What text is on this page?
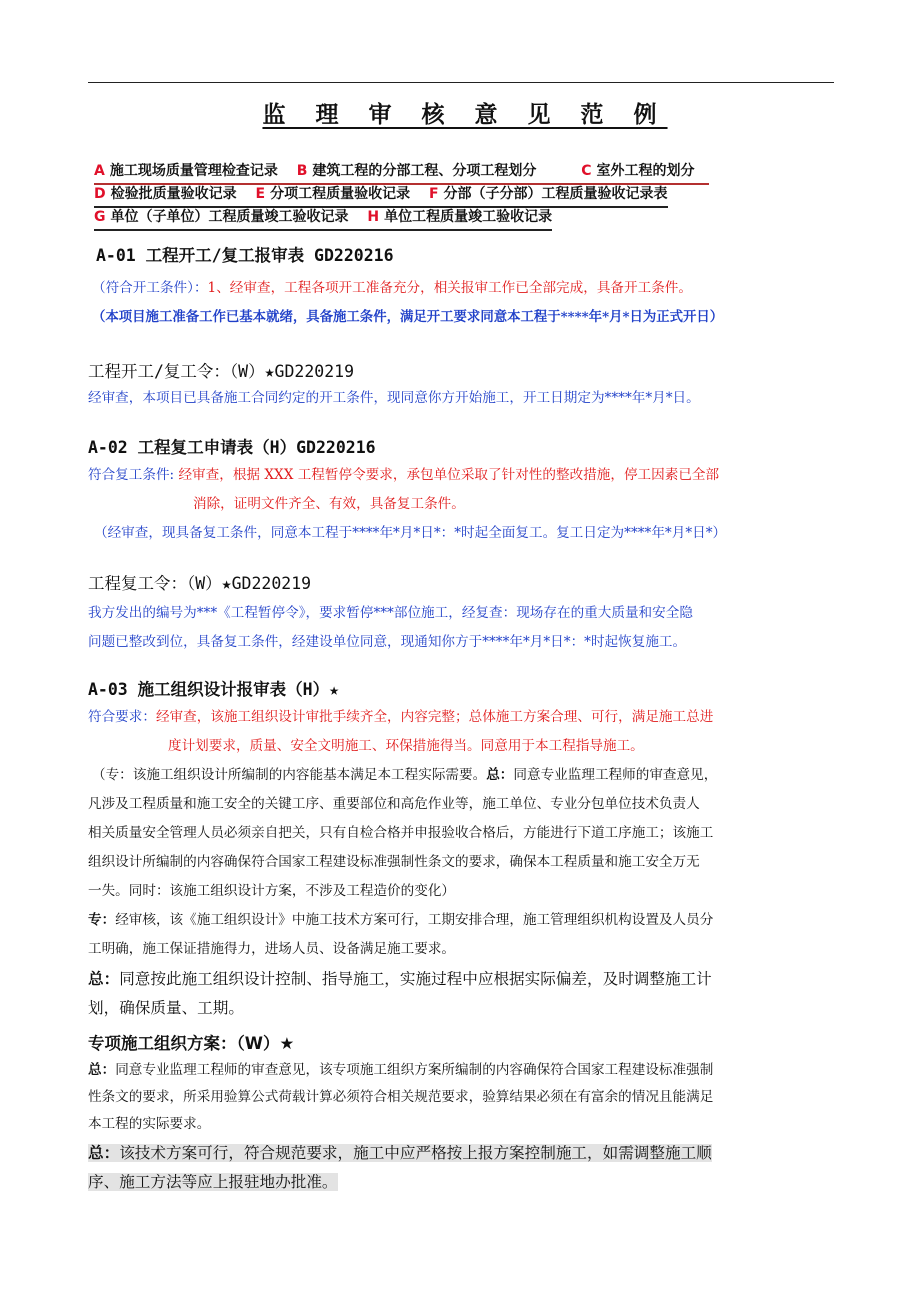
监 理 审 核 意 见 范 例
A 施工现场质量管理检查记录 B 建筑工程的分部工程、分项工程划分	C 室外工程的划分
D 检验批质量验收记录 E 分项工程质量验收记录 F 分部（子分部）工程质量验收记录表
G 单位（子单位）工程质量竣工验收记录 H 单位工程质量竣工验收记录
A-01 工程开工/复工报审表 GD220216
（符合开工条件）：1、经审查，工程各项开工准备充分，相关报审工作已全部完成，具备开工条件。
（本项目施工准备工作已基本就绪，具备施工条件，满足开工要求同意本工程于****年*月*日为正式开日）
工程开工/复工令：（W）★GD220219
经审查，本项目已具备施工合同约定的开工条件，现同意你方开始施工，开工日期定为****年*月*日。
A-02 工程复工申请表（H）GD220216
符合复工条件: 经审查，根据 XXX 工程暂停令要求，承包单位采取了针对性的整改措施，停工因素已全部
消除，证明文件齐全、有效，具备复工条件。
（经审查，现具备复工条件，同意本工程于****年*月*日*：*时起全面复工。复工日定为****年*月*日*）
工程复工令：（W）★GD220219
我方发出的编号为***《工程暂停令》，要求暂停***部位施工，经复查：现场存在的重大质量和安全隐
问题已整改到位，具备复工条件，经建设单位同意，现通知你方于****年*月*日*：*时起恢复施工。
A-03 施工组织设计报审表（H）★
符合要求：经审查，该施工组织设计审批手续齐全，内容完整；总体施工方案合理、可行，满足施工总进
度计划要求，质量、安全文明施工、环保措施得当。同意用于本工程指导施工。
（专：该施工组织设计所编制的内容能基本满足本工程实际需要。总：同意专业监理工程师的审查意见，
凡涉及工程质量和施工安全的关键工序、重要部位和高危作业等，施工单位、专业分包单位技术负责人
相关质量安全管理人员必须亲自把关，只有自检合格并申报验收合格后，方能进行下道工序施工；该施工
组织设计所编制的内容确保符合国家工程建设标准强制性条文的要求，确保本工程质量和施工安全万无
一失。同时：该施工组织设计方案，不涉及工程造价的变化）
专：经审核，该《施工组织设计》中施工技术方案可行，工期安排合理，施工管理组织机构设置及人员分
工明确，施工保证措施得力，进场人员、设备满足施工要求。
总：同意按此施工组织设计控制、指导施工，实施过程中应根据实际偏差，及时调整施工计
划，确保质量、工期。
专项施工组织方案：（W）★
总：同意专业监理工程师的审查意见，该专项施工组织方案所编制的内容确保符合国家工程建设标准强制
性条文的要求，所采用验算公式荷载计算必须符合相关规范要求，验算结果必须在有富余的情况且能满足
本工程的实际要求。
总：该技术方案可行，符合规范要求，施工中应严格按上报方案控制施工，如需调整施工顺
序、施工方法等应上报驻地办批准。
